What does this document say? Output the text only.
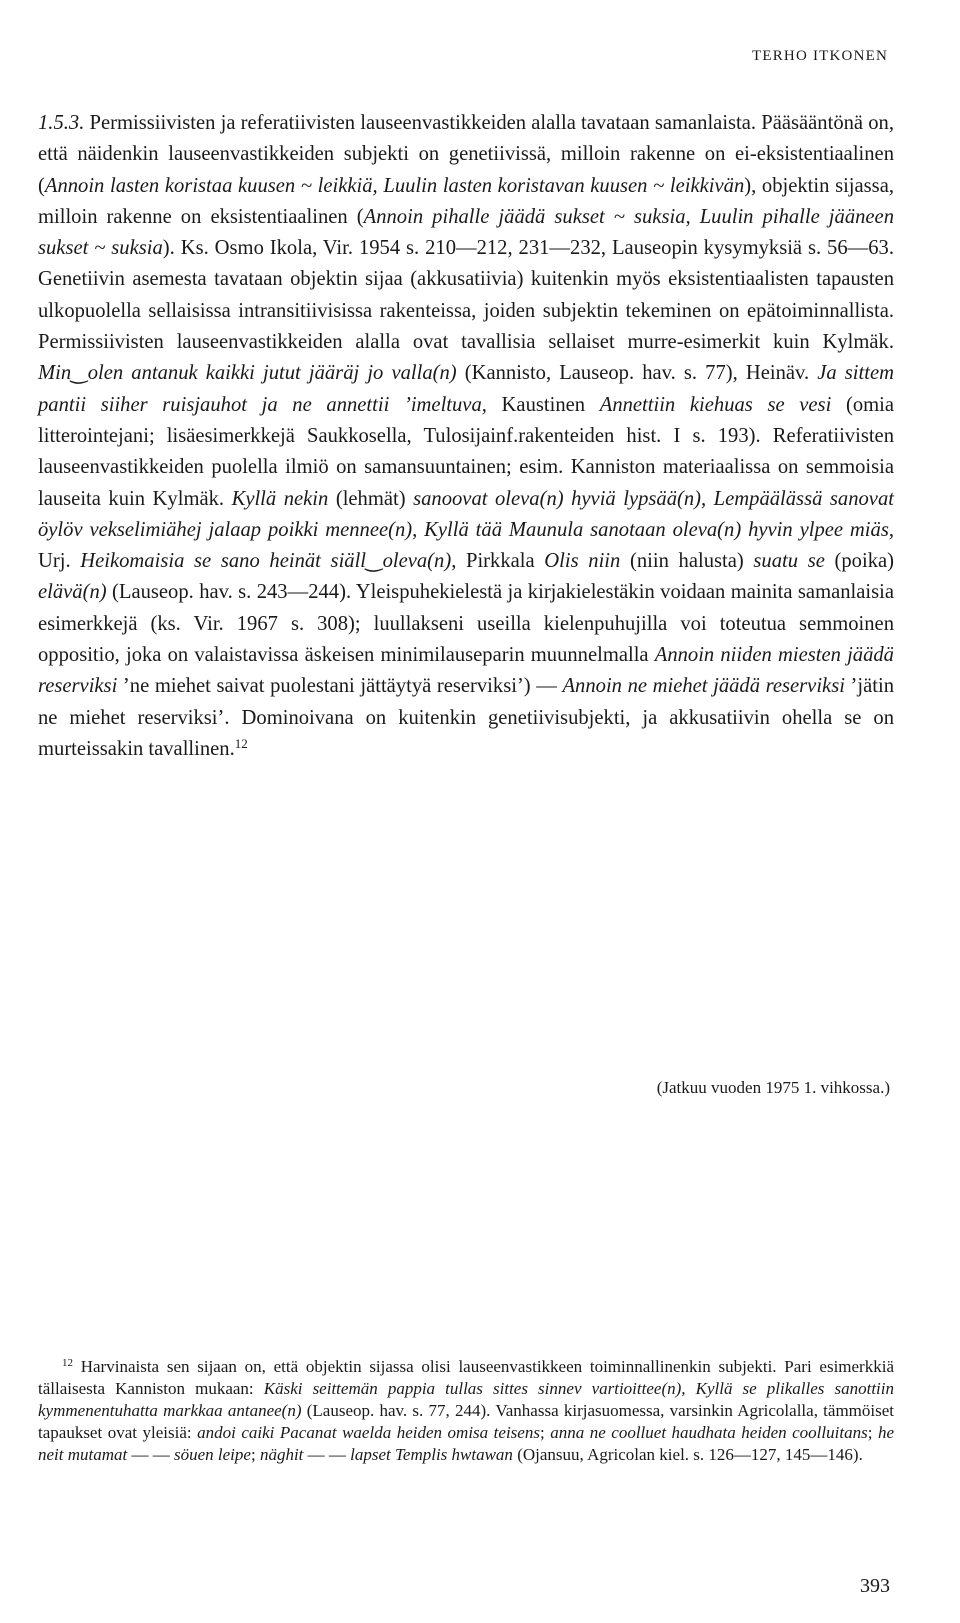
TERHO ITKONEN

1.5.3. Permissiivisten ja referatiivisten lauseenvastikkeiden alalla tavataan samanlaista. Pääsääntönä on, että näidenkin lauseenvastikkeiden subjekti on genetiivissä, milloin rakenne on ei-eksistentiaalinen (Annoin lasten koristaa kuusen ~ leikkiä, Luulin lasten koristavan kuusen ~ leikkivän), objektin sijassa, milloin rakenne on eksistentiaalinen (Annoin pihalle jäädä sukset ~ suksia, Luulin pihalle jääneen sukset ~ suksia). Ks. Osmo Ikola, Vir. 1954 s. 210—212, 231—232, Lauseopin kysymyksiä s. 56—63. Genetiivin asemesta tavataan objektin sijaa (akkusatiivia) kuitenkin myös eksistentiaalisten tapausten ulkopuolella sellaisissa intransitiivisissa rakenteissa, joiden subjektin tekeminen on epätoiminnallista. Permissiivisten lauseenvastikkeiden alalla ovat tavallisia sellaiset murre-esimerkit kuin Kylmäk. Min‿olen antanuk kaikki jutut jääräj jo valla(n) (Kannisto, Lauseop. hav. s. 77), Heinäv. Ja sittem pantii siiher ruisjauhot ja ne annettii ’imeltuva, Kaustinen Annettiin kiehuas se vesi (omia litterointejani; lisäesimerkkejä Saukkosella, Tulosijainf.rakenteiden hist. I s. 193). Referatiivisten lauseenvastikkeiden puolella ilmiö on samansuuntainen; esim. Kanniston materiaalissa on semmoisia lauseita kuin Kylmäk. Kyllä nekin (lehmät) sanoovat oleva(n) hyviä lypsää(n), Lempäälässä sanovat öylöv vekselimiähej jalaap poikki mennee(n), Kyllä tää Maunula sanotaan oleva(n) hyvin ylpee miäs, Urj. Heikomaisia se sano heinät siäll‿oleva(n), Pirkkala Olis niin (niin halusta) suatu se (poika) elävä(n) (Lauseop. hav. s. 243—244). Yleispuhekielestä ja kirjakielestäkin voidaan mainita samanlaisia esimerkkejä (ks. Vir. 1967 s. 308); luullakseni useilla kielenpuhujilla voi toteutua semmoinen oppositio, joka on valaistavissa äskeisen minimilauseparin muunnelmalla Annoin niiden miesten jäädä reserviksi ’ne miehet saivat puolestani jättäytyä reserviksi’) — Annoin ne miehet jäädä reserviksi ’jätin ne miehet reserviksi’. Dominoivana on kuitenkin genetiivisubjekti, ja akkusatiivin ohella se on murteissakin tavallinen.$^{12}$

(Jatkuu vuoden 1975 1. vihkossa.)

$^{12}$ Harvinaista sen sijaan on, että objektin sijassa olisi lauseenvastikkeen toiminnallinenkin subjekti. Pari esimerkkiä tällaisesta Kanniston mukaan: Käski seittemän pappia tullas sittes sinnev vartioittee(n), Kyllä se plikalles sanottiin kymmenentuhatta markkaa antanee(n) (Lauseop. hav. s. 77, 244). Vanhassa kirjasuomessa, varsinkin Agricolalla, tämmöiset tapaukset ovat yleisiä: andoi caiki Pacanat waelda heiden omisa teisens; anna ne coolluet haudhata heiden coolluitans; he neit mutamat — — söuen leipe; näghit — — lapset Templis hwtawan (Ojansuu, Agricolan kiel. s. 126—127, 145—146).

393
